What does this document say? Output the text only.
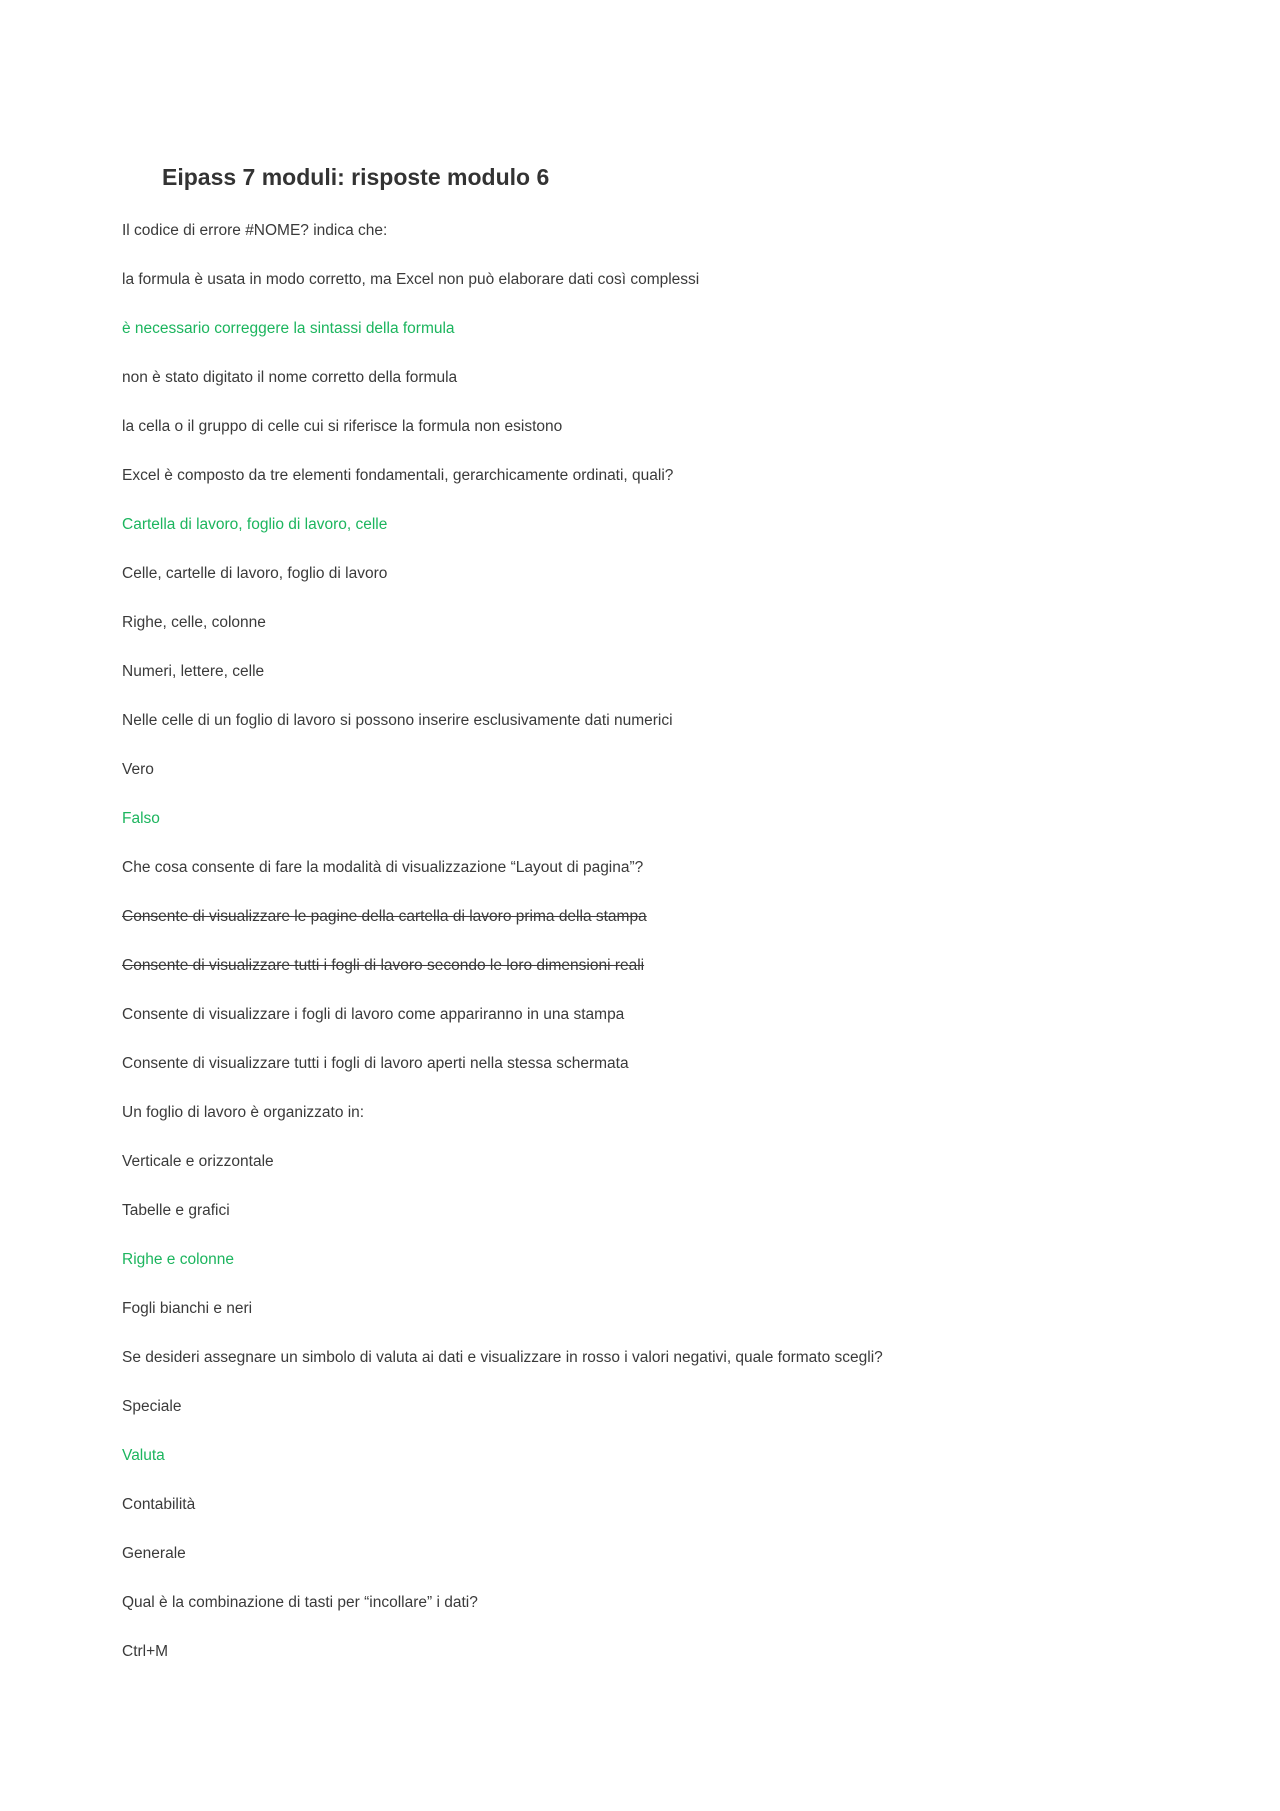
Eipass 7 moduli: risposte modulo 6
Il codice di errore #NOME? indica che:
la formula è usata in modo corretto, ma Excel non può elaborare dati così complessi
è necessario correggere la sintassi della formula
non è stato digitato il nome corretto della formula
la cella o il gruppo di celle cui si riferisce la formula non esistono
Excel è composto da tre elementi fondamentali, gerarchicamente ordinati, quali?
Cartella di lavoro, foglio di lavoro, celle
Celle, cartelle di lavoro, foglio di lavoro
Righe, celle, colonne
Numeri, lettere, celle
Nelle celle di un foglio di lavoro si possono inserire esclusivamente dati numerici
Vero
Falso
Che cosa consente di fare la modalità di visualizzazione “Layout di pagina”?
Consente di visualizzare le pagine della cartella di lavoro prima della stampa
Consente di visualizzare tutti i fogli di lavoro secondo le loro dimensioni reali
Consente di visualizzare i fogli di lavoro come appariranno in una stampa
Consente di visualizzare tutti i fogli di lavoro aperti nella stessa schermata
Un foglio di lavoro è organizzato in:
Verticale e orizzontale
Tabelle e grafici
Righe e colonne
Fogli bianchi e neri
Se desideri assegnare un simbolo di valuta ai dati e visualizzare in rosso i valori negativi, quale formato scegli?
Speciale
Valuta
Contabilità
Generale
Qual è la combinazione di tasti per “incollare” i dati?
Ctrl+M
